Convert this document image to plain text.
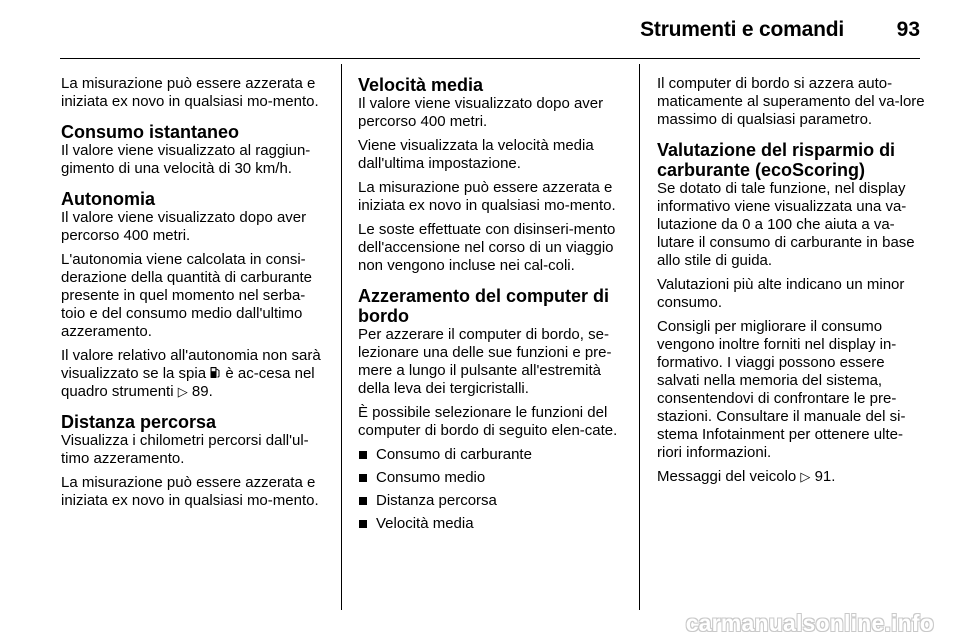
Strumenti e comandi	93

La misurazione può essere azzerata e iniziata ex novo in qualsiasi mo-mento.

Consumo istantaneo

Il valore viene visualizzato al raggiun-gimento di una velocità di 30 km/h.

Autonomia

Il valore viene visualizzato dopo aver percorso 400 metri.

L'autonomia viene calcolata in consi-derazione della quantità di carburante presente in quel momento nel serba-toio e del consumo medio dall'ultimo azzeramento.

Il valore relativo all'autonomia non sarà visualizzato se la spia è ac-cesa nel quadro strumenti ▷ 89.

Distanza percorsa

Visualizza i chilometri percorsi dall'ul-timo azzeramento.

La misurazione può essere azzerata e iniziata ex novo in qualsiasi mo-mento.

Velocità media

Il valore viene visualizzato dopo aver percorso 400 metri.

Viene visualizzata la velocità media dall'ultima impostazione.

La misurazione può essere azzerata e iniziata ex novo in qualsiasi mo-mento.

Le soste effettuate con disinseri-mento dell'accensione nel corso di un viaggio non vengono incluse nei cal-coli.

Azzeramento del computer di bordo

Per azzerare il computer di bordo, se-lezionare una delle sue funzioni e pre-mere a lungo il pulsante all'estremità della leva dei tergicristalli.

È possibile selezionare le funzioni del computer di bordo di seguito elen-cate.

Consumo di carburante
Consumo medio
Distanza percorsa
Velocità media

Il computer di bordo si azzera auto-maticamente al superamento del va-lore massimo di qualsiasi parametro.

Valutazione del risparmio di carburante (ecoScoring)

Se dotato di tale funzione, nel display informativo viene visualizzata una va-lutazione da 0 a 100 che aiuta a va-lutare il consumo di carburante in base allo stile di guida.

Valutazioni più alte indicano un minor consumo.

Consigli per migliorare il consumo vengono inoltre forniti nel display in-formativo. I viaggi possono essere salvati nella memoria del sistema, consentendovi di confrontare le pre-stazioni. Consultare il manuale del si-stema Infotainment per ottenere ulte-riori informazioni.

Messaggi del veicolo ▷ 91.

carmanualsonline.info
